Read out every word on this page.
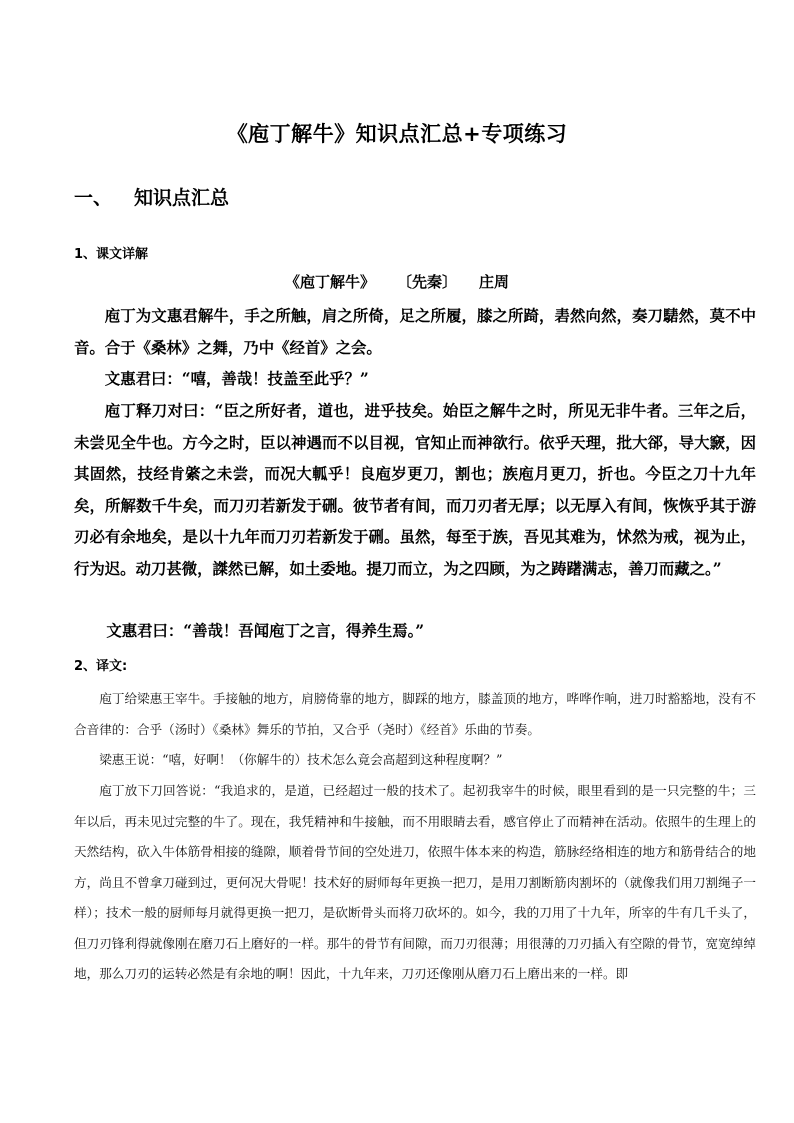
《庖丁解牛》知识点汇总+专项练习
一、 知识点汇总
1、课文详解
《庖丁解牛》 〔先秦〕 庄周

庖丁为文惠君解牛，手之所触，肩之所倚，足之所履，膝之所踦，砉然向然，奏刀騞然，莫不中音。合于《桑林》之舞，乃中《经首》之会。

文惠君曰：“嘻，善哉！技盖至此乎？”

庖丁释刀对曰：“臣之所好者，道也，进乎技矣。始臣之解牛之时，所见无非牛者。三年之后，未尝见全牛也。方今之时，臣以神遇而不以目视，官知止而神欲行。依乎天理，批大郤，导大窾，因其固然，技经肯綮之未尝，而况大軱乎！良庖岁更刀，割也；族庖月更刀，折也。今臣之刀十九年矣，所解数千牛矣，而刀刃若新发于硎。彼节者有间，而刀刃者无厚；以无厚入有间，恢恢乎其于游刃必有余地矣，是以十九年而刀刃若新发于硎。虽然，每至于族，吾见其难为，怵然为戒，视为止，行为迟。动刀甚微，謋然已解，如土委地。提刀而立，为之四顾，为之踌躇满志，善刀而藏之。”

文惠君曰：“善哉！吾闻庖丁之言，得养生焉。”

2、译文:

庖丁给梁惠王宰牛。手接触的地方，肩膀倚靠的地方，脚踩的地方，膝盖顶的地方，哗哗作响，进刀时豁豁地，没有不合音律的：合乎（汤时）《桑林》舞乐的节拍，又合乎（尧时）《经首》乐曲的节奏。

梁惠王说：“嘻，好啊！（你解牛的）技术怎么竟会高超到这种程度啊？”

庖丁放下刀回答说：“我追求的，是道，已经超过一般的技术了。起初我宰牛的时候，眼里看到的是一只完整的牛；三年以后，再未见过完整的牛了。现在，我凭精神和牛接触，而不用眼睛去看，感官停止了而精神在活动。依照牛的生理上的天然结构，砍入牛体筋骨相接的缝隙，顺着骨节间的空处进刀，依照牛体本来的构造，筋脉经络相连的地方和筋骨结合的地方，尚且不曾拿刀碰到过，更何况大骨呢！技术好的厨师每年更换一把刀，是用刀割断筋肉割坏的（就像我们用刀割绳子一样）；技术一般的厨师每月就得更换一把刀，是砍断骨头而将刀砍坏的。如今，我的刀用了十九年，所宰的牛有几千头了，但刀刃锋利得就像刚在磨刀石上磨好的一样。那牛的骨节有间隙，而刀刃很薄；用很薄的刀刃插入有空隙的骨节，宽宽绰绰地，那么刀刃的运转必然是有余地的啊！因此，十九年来，刀刃还像刚从磨刀石上磨出来的一样。即
